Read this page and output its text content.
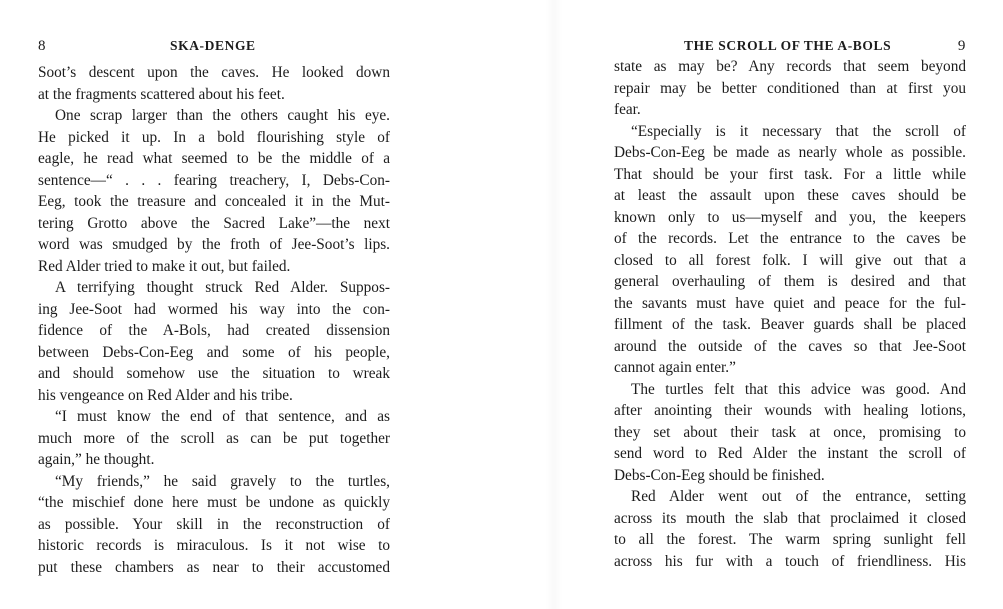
8	SKA-DENGE
Soot’s descent upon the caves. He looked down
at the fragments scattered about his feet.
One scrap larger than the others caught his eye.
He picked it up. In a bold flourishing style of
eagle, he read what seemed to be the middle of a
sentence—“ . . . fearing treachery, I, Debs-Con-
Eeg, took the treasure and concealed it in the Mut-
tering Grotto above the Sacred Lake”—the next
word was smudged by the froth of Jee-Soot’s lips.
Red Alder tried to make it out, but failed.
A terrifying thought struck Red Alder. Suppos-
ing Jee-Soot had wormed his way into the con-
fidence of the A-Bols, had created dissension
between Debs-Con-Eeg and some of his people,
and should somehow use the situation to wreak
his vengeance on Red Alder and his tribe.
“I must know the end of that sentence, and as
much more of the scroll as can be put together
again,” he thought.
“My friends,” he said gravely to the turtles,
“the mischief done here must be undone as quickly
as possible. Your skill in the reconstruction of
historic records is miraculous. Is it not wise to
put these chambers as near to their accustomed
THE SCROLL OF THE A-BOLS	9
state as may be? Any records that seem beyond
repair may be better conditioned than at first you
fear.
“Especially is it necessary that the scroll of
Debs-Con-Eeg be made as nearly whole as possible.
That should be your first task. For a little while
at least the assault upon these caves should be
known only to us—myself and you, the keepers
of the records. Let the entrance to the caves be
closed to all forest folk. I will give out that a
general overhauling of them is desired and that
the savants must have quiet and peace for the ful-
fillment of the task. Beaver guards shall be placed
around the outside of the caves so that Jee-Soot
cannot again enter.”
The turtles felt that this advice was good. And
after anointing their wounds with healing lotions,
they set about their task at once, promising to
send word to Red Alder the instant the scroll of
Debs-Con-Eeg should be finished.
Red Alder went out of the entrance, setting
across its mouth the slab that proclaimed it closed
to all the forest. The warm spring sunlight fell
across his fur with a touch of friendliness. His
